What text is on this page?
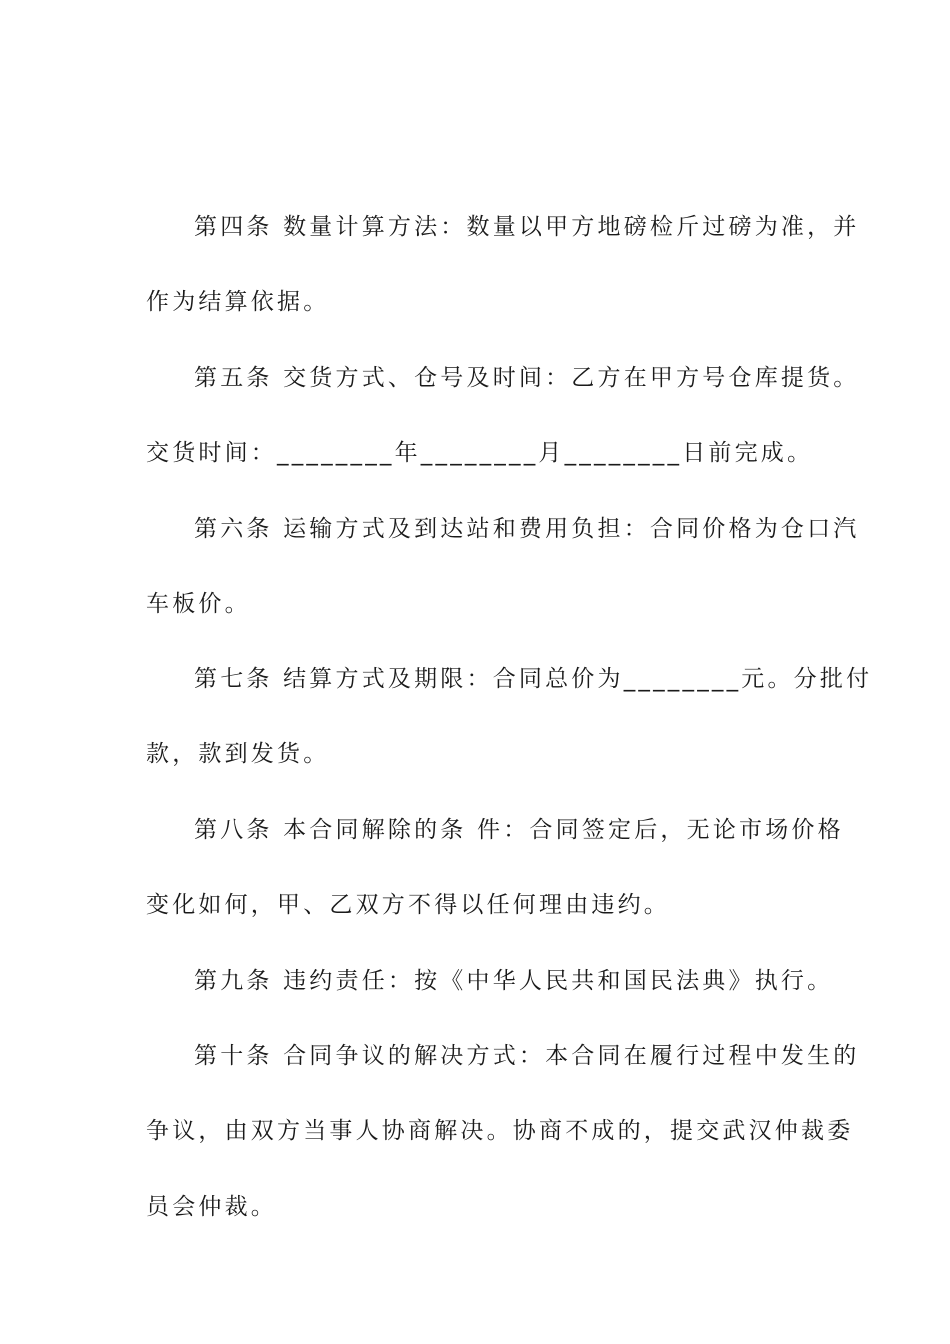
第四条 数量计算方法：数量以甲方地磅检斤过磅为准，并
作为结算依据。
第五条 交货方式、仓号及时间：乙方在甲方号仓库提货。
交货时间：________年________月________日前完成。
第六条 运输方式及到达站和费用负担：合同价格为仓口汽
车板价。
第七条 结算方式及期限：合同总价为________元。分批付
款，款到发货。
第八条 本合同解除的条 件：合同签定后，无论市场价格
变化如何，甲、乙双方不得以任何理由违约。
第九条 违约责任：按《中华人民共和国民法典》执行。
第十条 合同争议的解决方式：本合同在履行过程中发生的
争议，由双方当事人协商解决。协商不成的，提交武汉仲裁委
员会仲裁。
